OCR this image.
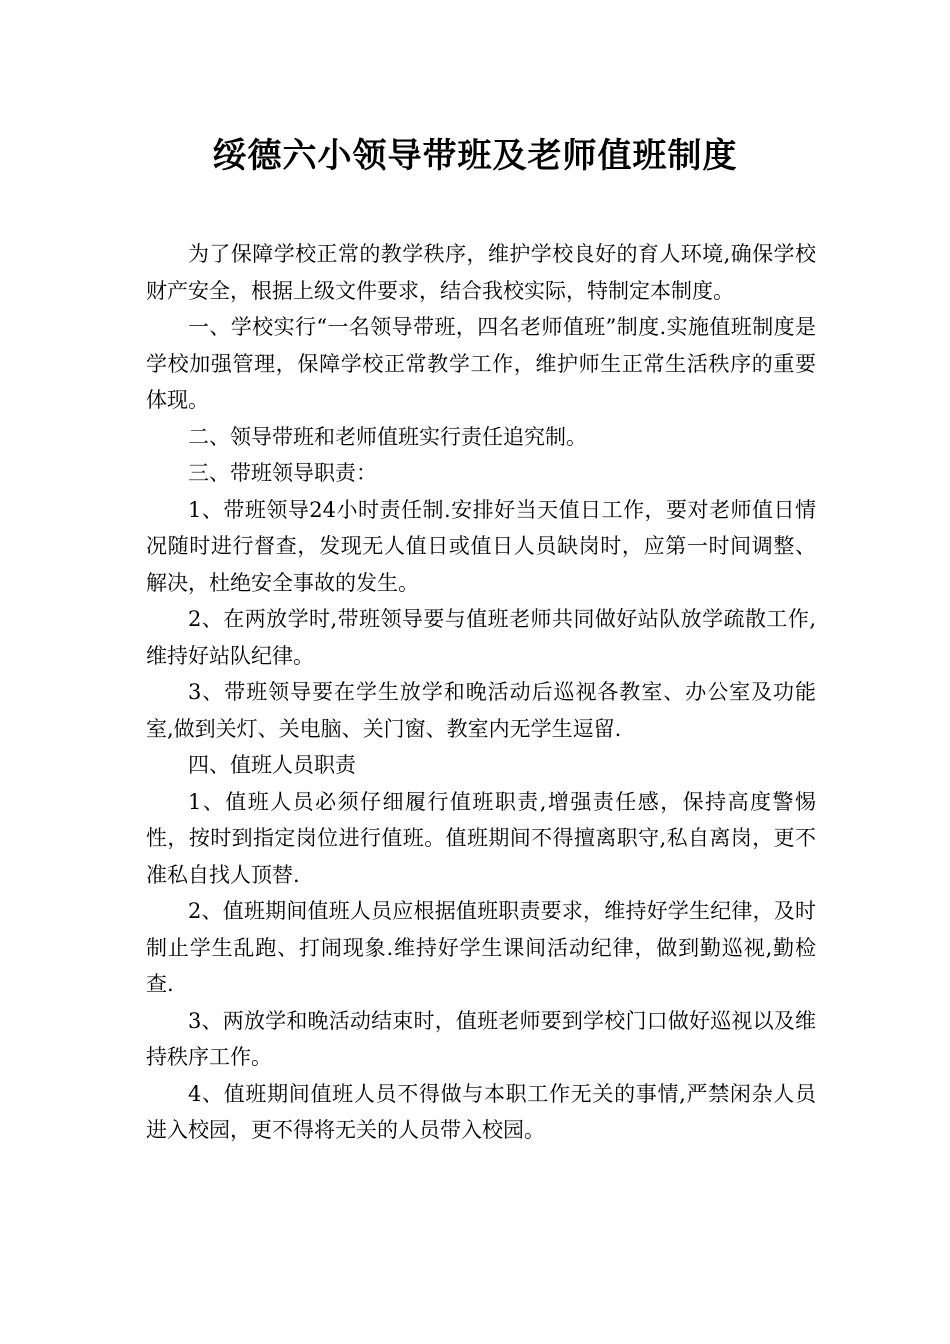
绥德六小领导带班及老师值班制度

为了保障学校正常的教学秩序，维护学校良好的育人环境,确保学校财产安全，根据上级文件要求，结合我校实际，特制定本制度。

一、学校实行“一名领导带班，四名老师值班”制度.实施值班制度是学校加强管理，保障学校正常教学工作，维护师生正常生活秩序的重要体现。

二、领导带班和老师值班实行责任追究制。

三、带班领导职责：

1、带班领导24小时责任制.安排好当天值日工作，要对老师值日情况随时进行督查，发现无人值日或值日人员缺岗时，应第一时间调整、解决，杜绝安全事故的发生。

2、在两放学时,带班领导要与值班老师共同做好站队放学疏散工作,维持好站队纪律。

3、带班领导要在学生放学和晚活动后巡视各教室、办公室及功能室,做到关灯、关电脑、关门窗、教室内无学生逗留.

四、值班人员职责

1、值班人员必须仔细履行值班职责,增强责任感，保持高度警惕性，按时到指定岗位进行值班。值班期间不得擅离职守,私自离岗，更不准私自找人顶替.

2、值班期间值班人员应根据值班职责要求，维持好学生纪律，及时制止学生乱跑、打闹现象.维持好学生课间活动纪律，做到勤巡视,勤检查.

3、两放学和晚活动结束时，值班老师要到学校门口做好巡视以及维持秩序工作。

4、值班期间值班人员不得做与本职工作无关的事情,严禁闲杂人员进入校园，更不得将无关的人员带入校园。
